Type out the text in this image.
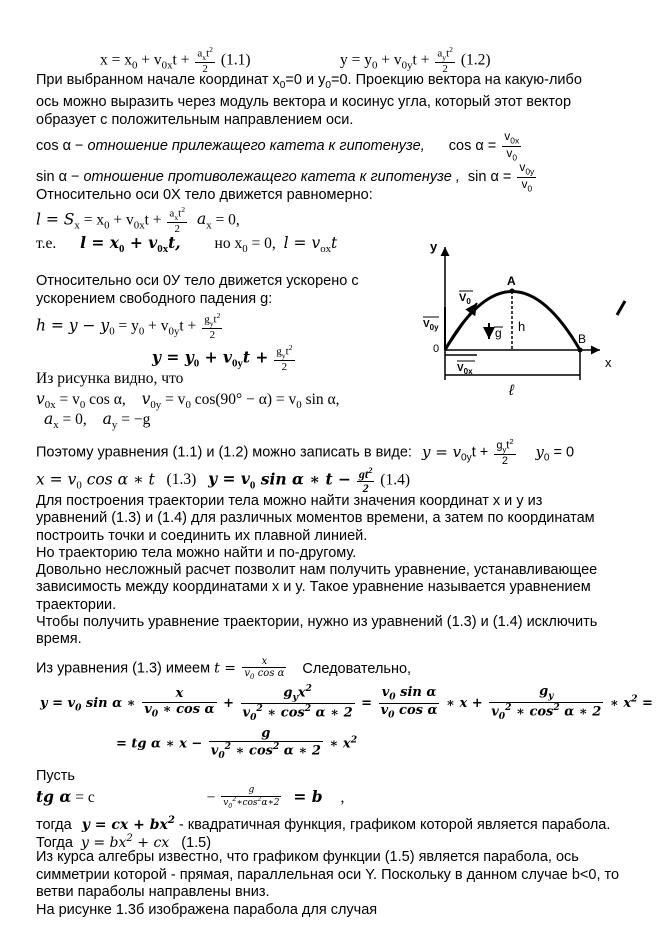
$x = x_0 + v_{0x}t + \frac{a_xt^2}{2} (1.1)$	$y = y_0 + v_{0y}t + \frac{a_yt^2}{2} (1.2)$
При выбранном начале координат $x_0=0$ и $y_0=0$. Проекцию вектора на какую-либо
ось можно выразить через модуль вектора и косинус угла, который этот вектор
образует с положительным направлением оси.
cos α − отношение прилежащего катета к гипотенузе, $\cos \alpha = \frac{v_{0x}}{v_0}$
sin α − отношение противолежащего катета к гипотенузе , $\sin \alpha = \frac{v_{0y}}{v_0}$
Относительно оси 0X тело движется равномерно:
$l = S_x = x_0 + v_{0x}t + \frac{a_xt^2}{2} a_x = 0$,
т.е. $l = x_0 + v_{0x}t$, но $x_0 = 0$, $l = v_{ox}t$
Относительно оси 0У тело движется ускорено с
ускорением свободного падения g:
$h = y - y_0 = y_0 + v_{0y}t + \frac{g_yt^2}{2}$
$y = y_0 + v_{0y}t + \frac{g_yt^2}{2}$
Из рисунка видно, что
$v_{0x} = v_0$ cos α, $v_{0y} = v_0$ $\cos(90^\circ - \alpha) = v_0$ sin α,
$a_x = 0$, $a_y = -g$
Поэтому уравнения (1.1) и (1.2) можно записать в виде: $y = v_{0y}t + \frac{g_yt^2}{2} y_0 = 0$
$x = v_0$ cos α ∗ t (1.3) $y = v_0$ sin α ∗ $t - \frac{gt^2}{2} (1.4)$
Для построения траектории тела можно найти значения координат x и y из
уравнений (1.3) и (1.4) для различных моментов времени, а затем по координатам
построить точки и соединить их плавной линией.
Но траекторию тела можно найти и по-другому.
Довольно несложный расчет позволит нам получить уравнение, устанавливающее
зависимость между координатами x и y. Такое уравнение называется уравнением
траектории.
Чтобы получить уравнение траектории, нужно из уравнений (1.3) и (1.4) исключить
время.
Из уравнения (1.3) имеем $t = \frac{x}{v_0 \cos \alpha}$ Следовательно,
$y = v_0$ sin α ∗ $\frac{x}{v_0 ∗ \cos \alpha} + \frac{g_yx^2}{v_0^2 ∗ \cos^2 \alpha ∗ 2} = \frac{v_0 \sin \alpha}{v_0 \cos \alpha}$ ∗ $x + \frac{g_y}{v_0^2 ∗ \cos^2 \alpha ∗ 2}$ ∗ $x^2$ =
= tg α ∗ $x - \frac{g}{v_0^2 ∗ \cos^2 \alpha ∗ 2}$ ∗ $x^2$
Пусть
tg α = c	− $\frac{g}{v_0^2∗\cos^2\alpha∗2} = b$ ,
тогда y = cx + $bx^2$ - квадратичная функция, графиком которой является парабола.
Тогда $y = bx^2$ + cx (1.5)
Из курса алгебры известно, что графиком функции (1.5) является парабола, ось
симметрии которой - прямая, параллельная оси Y. Поскольку в данном случае b<0, то
ветви параболы направлены вниз.
На рисунке 1.3б изображена парабола для случая
y
x
0
$V_0$
$V_{0y}$
$V_{0x}$
A
h
g	B
ℓ
